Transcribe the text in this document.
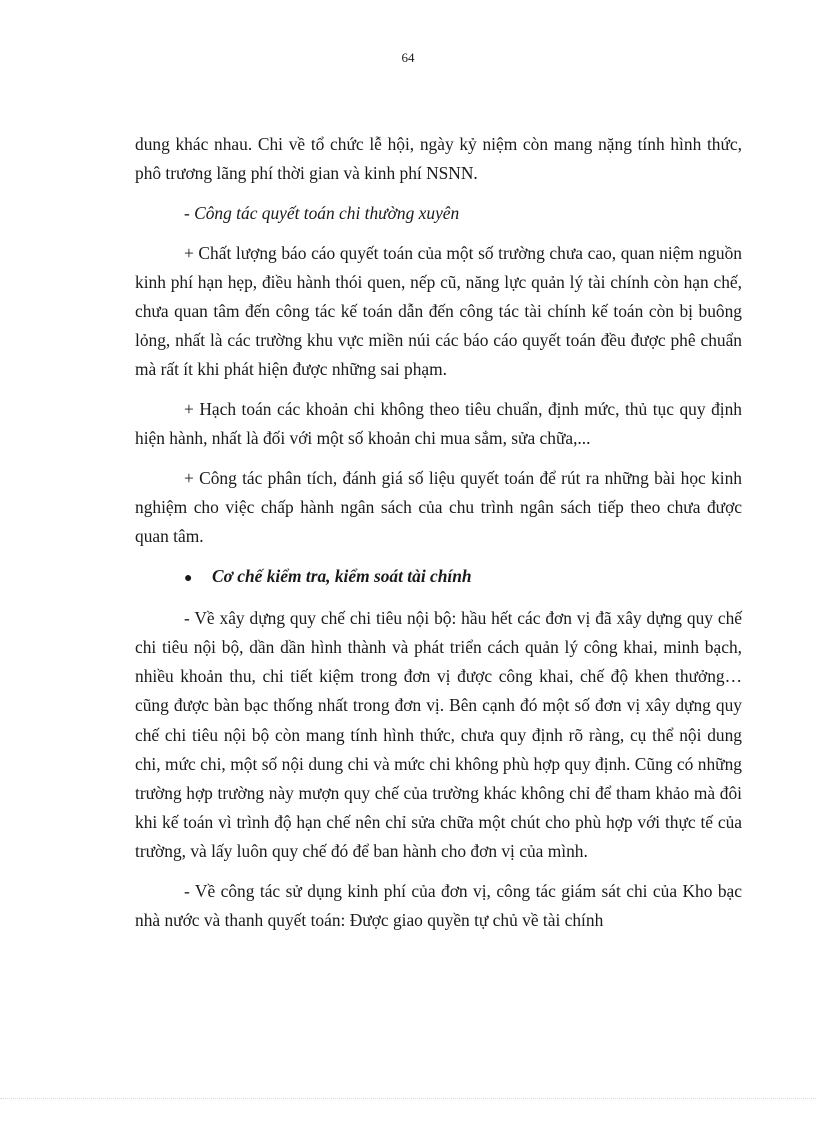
64

dung khác nhau. Chi về tổ chức lễ hội, ngày kỷ niệm còn mang nặng tính hình thức, phô trương lãng phí thời gian và kinh phí NSNN.

- Công tác quyết toán chi thường xuyên

+ Chất lượng báo cáo quyết toán của một số trường chưa cao, quan niệm nguồn kinh phí hạn hẹp, điều hành thói quen, nếp cũ, năng lực quản lý tài chính còn hạn chế, chưa quan tâm đến công tác kế toán dẫn đến công tác tài chính kế toán còn bị buông lỏng, nhất là các trường khu vực miền núi các báo cáo quyết toán đều được phê chuẩn mà rất ít khi phát hiện được những sai phạm.

+ Hạch toán các khoản chi không theo tiêu chuẩn, định mức, thủ tục quy định hiện hành, nhất là đối với một số khoản chi mua sắm, sửa chữa,...

+ Công tác phân tích, đánh giá số liệu quyết toán để rút ra những bài học kinh nghiệm cho việc chấp hành ngân sách của chu trình ngân sách tiếp theo chưa được quan tâm.

●	Cơ chế kiểm tra, kiểm soát tài chính

- Về xây dựng quy chế chi tiêu nội bộ: hầu hết các đơn vị đã xây dựng quy chế chi tiêu nội bộ, dần dần hình thành và phát triển cách quản lý công khai, minh bạch, nhiều khoản thu, chi tiết kiệm trong đơn vị được công khai, chế độ khen thưởng…cũng được bàn bạc thống nhất trong đơn vị. Bên cạnh đó một số đơn vị xây dựng quy chế chi tiêu nội bộ còn mang tính hình thức, chưa quy định rõ ràng, cụ thể nội dung chi, mức chi, một số nội dung chi và mức chi không phù hợp quy định. Cũng có những trường hợp trường này mượn quy chế của trường khác không chỉ để tham khảo mà đôi khi kế toán vì trình độ hạn chế nên chỉ sửa chữa một chút cho phù hợp với thực tế của trường, và lấy luôn quy chế đó để ban hành cho đơn vị của mình.

- Về công tác sử dụng kinh phí của đơn vị, công tác giám sát chi của Kho bạc nhà nước và thanh quyết toán: Được giao quyền tự chủ về tài chính
